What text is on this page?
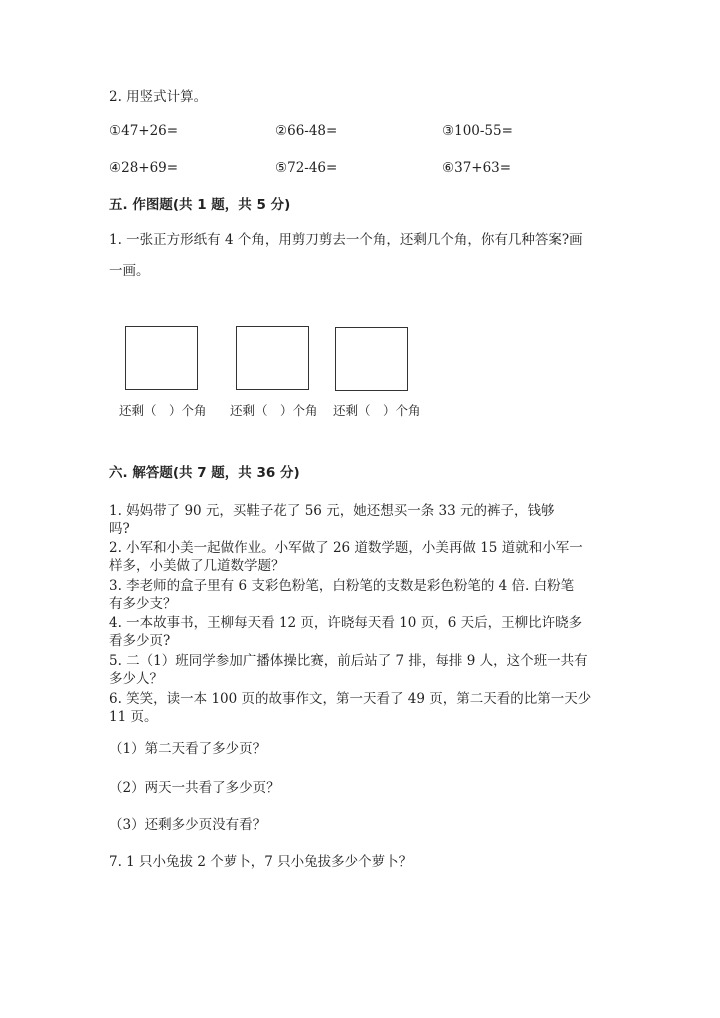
2. 用竖式计算。
①47+26=	②66-48=	③100-55=
④28+69=	⑤72-46=	⑥37+63=
五. 作图题(共 1 题，共 5 分)
1. 一张正方形纸有 4 个角，用剪刀剪去一个角，还剩几个角，你有几种答案?画
一画。
还剩（　）个角 还剩（　）个角 还剩（　）个角
六. 解答题(共 7 题，共 36 分)
1. 妈妈带了 90 元，买鞋子花了 56 元，她还想买一条 33 元的裤子，钱够
吗?
2. 小军和小美一起做作业。小军做了 26 道数学题，小美再做 15 道就和小军一
样多，小美做了几道数学题？
3. 李老师的盒子里有 6 支彩色粉笔，白粉笔的支数是彩色粉笔的 4 倍. 白粉笔
有多少支？
4. 一本故事书，王柳每天看 12 页，许晓每天看 10 页，6 天后，王柳比许晓多
看多少页?
5. 二（1）班同学参加广播体操比赛，前后站了 7 排，每排 9 人，这个班一共有
多少人？
6. 笑笑，读一本 100 页的故事作文，第一天看了 49 页，第二天看的比第一天少
11 页。
（1）第二天看了多少页？
（2）两天一共看了多少页？
（3）还剩多少页没有看？
7. 1 只小兔拔 2 个萝卜，7 只小兔拔多少个萝卜？
